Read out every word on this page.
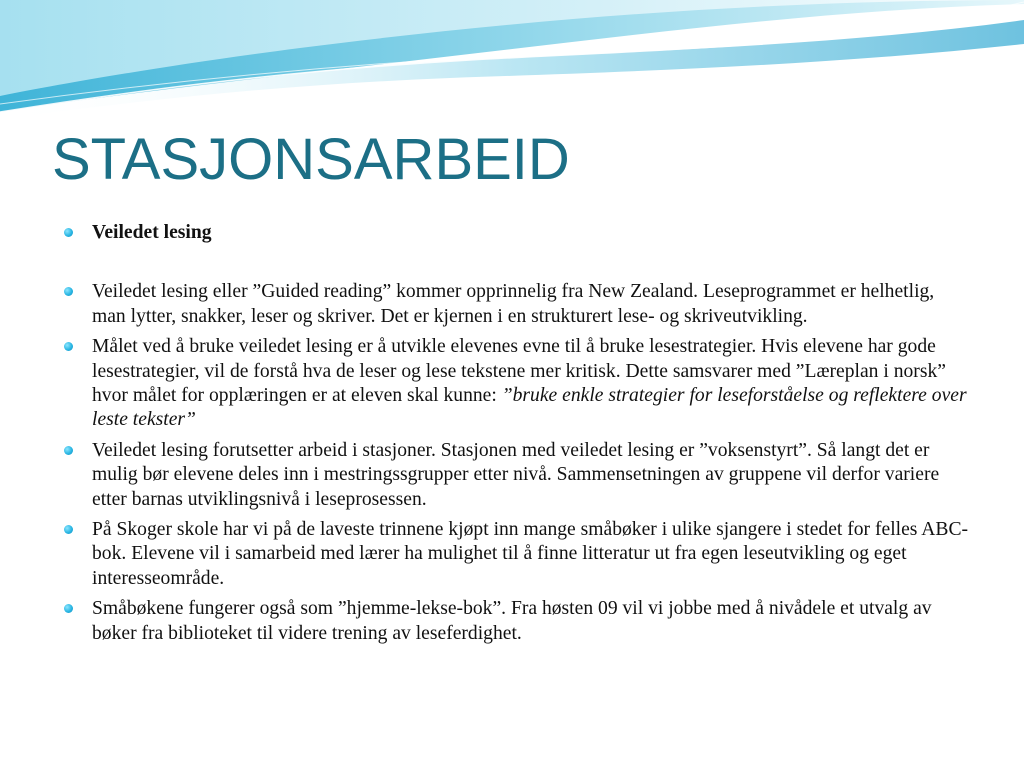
STASJONSARBEID
Veiledet lesing
Veiledet lesing eller ”Guided reading” kommer opprinnelig fra New Zealand. Leseprogrammet er helhetlig, man lytter, snakker, leser og skriver. Det er kjernen i en strukturert lese- og skriveutvikling.
Målet ved å bruke veiledet lesing er å utvikle elevenes evne til å bruke lesestrategier. Hvis elevene har gode lesestrategier, vil de forstå hva de leser og lese tekstene mer kritisk. Dette samsvarer med ”Læreplan i norsk” hvor målet for opplæringen er at eleven skal kunne: ”bruke enkle strategier for leseforståelse og reflektere over leste tekster”
Veiledet lesing forutsetter arbeid i stasjoner. Stasjonen med veiledet lesing er ”voksenstyrt”. Så langt det er mulig bør elevene deles inn i mestringssgrupper etter nivå. Sammensetningen av gruppene vil derfor variere etter barnas utviklingsnivå i leseprosessen.
På Skoger skole har vi på de laveste trinnene kjøpt inn mange småbøker i ulike sjangere i stedet for felles ABC-bok. Elevene vil i samarbeid med lærer ha mulighet til å finne litteratur ut fra egen leseutvikling og eget interesseområde.
Småbøkene fungerer også som ”hjemme-lekse-bok”. Fra høsten 09 vil vi jobbe med å nivådele et utvalg av bøker fra biblioteket til videre trening av leseferdighet.
